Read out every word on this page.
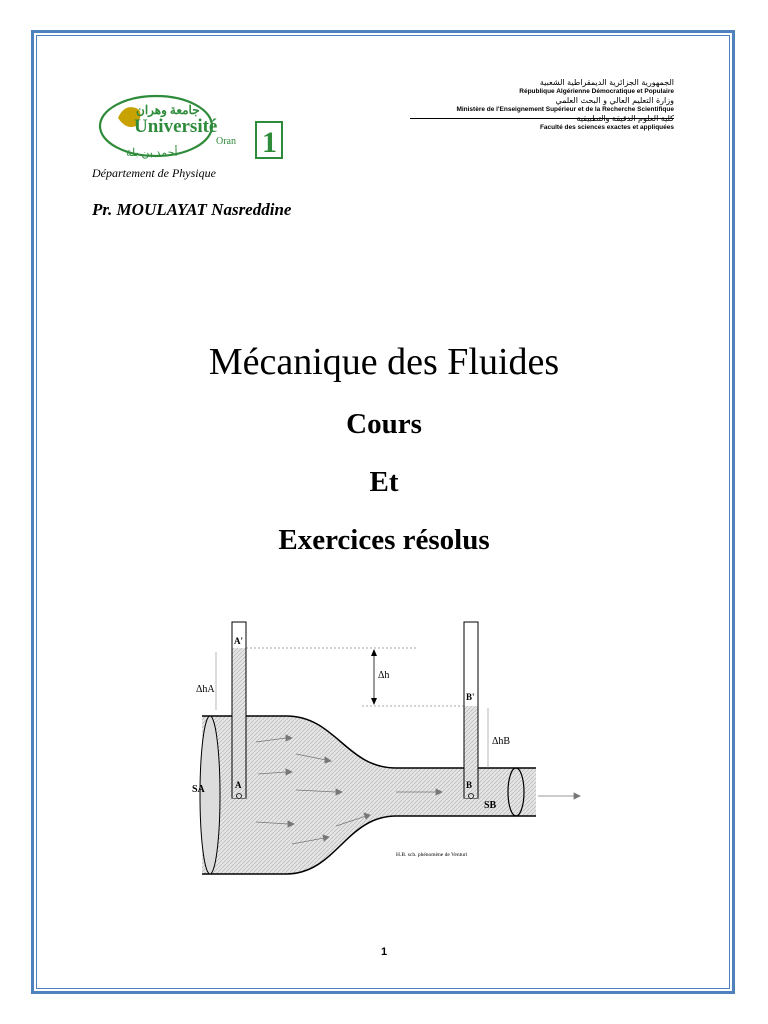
جامعة وهران
Université
Oran
أحمد بن بلة	1
الجمهورية الجزائرية الديمقراطية الشعبية
République Algérienne Démocratique et Populaire
وزارة التعليم العالي و البحث العلمي
Ministère de l'Enseignement Supérieur et de la Recherche Scientifique
كلية العلوم الدقيقة والتطبيقية
Faculté des sciences exactes et appliquées
Département de Physique
Pr. MOULAYAT Nasreddine
Mécanique des Fluides
Cours
Et
Exercices résolus
A'
Δh
ΔhA
B'
ΔhB
SA	A	B
SB
H.B. sch. phénomène de Venturi
1
